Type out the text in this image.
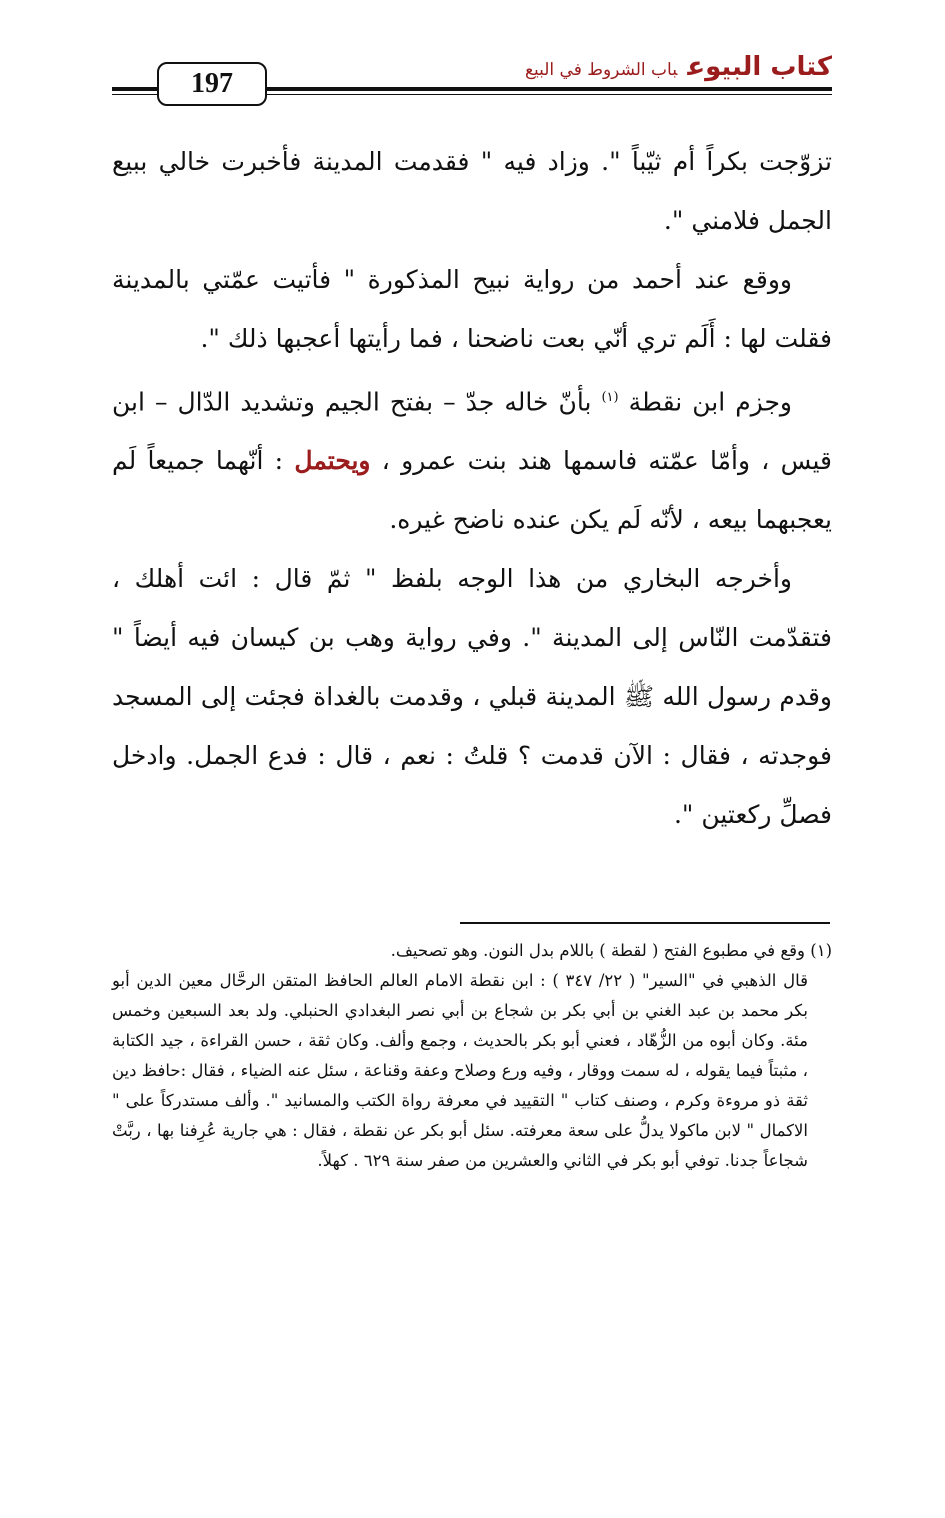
كتاب البيوعباب الشروط في البيع
197

تزوّجت بكراً أم ثيّباً ". وزاد فيه " فقدمت المدينة فأخبرت خالي ببيع الجمل فلامني ".

ووقع عند أحمد من رواية نبيح المذكورة " فأتيت عمّتي بالمدينة فقلت لها : أَلَم تري أنّي بعت ناضحنا ، فما رأيتها أعجبها ذلك ".

وجزم ابن نقطة $^{(١)}$ بأنّ خاله جدّ – بفتح الجيم وتشديد الدّال – ابن قيس ، وأمّا عمّته فاسمها هند بنت عمرو ، ويحتمل : أنّهما جميعاً لَم يعجبهما بيعه ، لأنّه لَم يكن عنده ناضح غيره.

وأخرجه البخاري من هذا الوجه بلفظ " ثمّ قال : ائت أهلك ، فتقدّمت النّاس إلى المدينة ". وفي رواية وهب بن كيسان فيه أيضاً " وقدم رسول الله ﷺ المدينة قبلي ، وقدمت بالغداة فجئت إلى المسجد فوجدته ، فقال : الآن قدمت ؟ قلتُ : نعم ، قال : فدع الجمل. وادخل فصلِّ ركعتين ".

(١) وقع في مطبوع الفتح ( لقطة ) باللام بدل النون. وهو تصحيف.

قال الذهبي في "السير" ( ٢٢/ ٣٤٧ ) : ابن نقطة الامام العالم الحافظ المتقن الرحَّال معين الدين أبو بكر محمد بن عبد الغني بن أبي بكر بن شجاع بن أبي نصر البغدادي الحنبلي. ولد بعد السبعين وخمس مئة. وكان أبوه من الزُّهّاد ، فعني أبو بكر بالحديث ، وجمع وألف. وكان ثقة ، حسن القراءة ، جيد الكتابة ، مثبتاً فيما يقوله ، له سمت ووقار ، وفيه ورع وصلاح وعفة وقناعة ، سئل عنه الضياء ، فقال :حافظ دين ثقة ذو مروءة وكرم ، وصنف كتاب " التقييد في معرفة رواة الكتب والمسانيد ". وألف مستدركاً على " الاكمال " لابن ماكولا يدلُّ على سعة معرفته. سئل أبو بكر عن نقطة ، فقال : هي جارية عُرِفنا بها ، ربَّتْ شجاعاً جدنا. توفي أبو بكر في الثاني والعشرين من صفر سنة ٦٢٩ . كهلاً.
